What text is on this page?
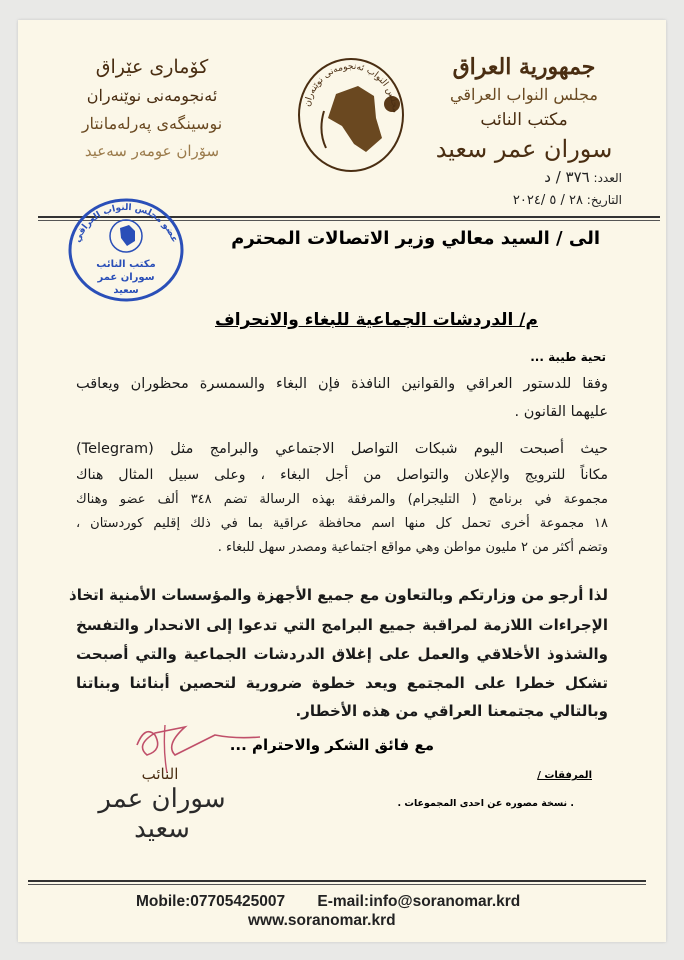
جمهورية العراق
مجلس النواب العراقي
مكتب النائب
سوران عمر سعيد
کۆماری عێراق
ئەنجومەنی نوێنەران
نوسینگەی پەرلەمانتار
سۆران عومەر سەعید
مجلس النواب ئەنجومەنی نوێنەران
العدد: ٣٧٦ / د
التاريخ: ٢٨ / ٥ /٢٠٢٤
عضو مجلس النواب العراقي
مكتب النائب
سوران عمر سعيد
الى / السيد معالي وزير الاتصالات المحترم
م/ الدردشات الجماعية للبغاء والانحراف
تحية طيبة ...
وفقا للدستور العراقي والقوانين النافذة فإن البغاء والسمسرة محظوران ويعاقب
عليهما القانون .
حيث أصبحت اليوم شبكات التواصل الاجتماعي والبرامج مثل (Telegram)
مكاناً للترويج والإعلان والتواصل من أجل البغاء ، وعلى سبيل المثال هناك
مجموعة في برنامج ( التليجرام) والمرفقة بهذه الرسالة تضم ٣٤٨ ألف عضو وهناك
١٨ مجموعة أخرى تحمل كل منها اسم محافظة عراقية بما في ذلك إقليم كوردستان ،
وتضم أكثر من ٢ مليون مواطن وهي مواقع اجتماعية ومصدر سهل للبغاء .
لذا أرجو من وزارتكم وبالتعاون مع جميع الأجهزة والمؤسسات الأمنية اتخاذ
الإجراءات اللازمة لمراقبة جميع البرامج التي تدعوا إلى الانحدار والتفسخ
والشذوذ الأخلاقي والعمل على إغلاق الدردشات الجماعية والتي أصبحت
تشكل خطرا على المجتمع ويعد خطوة ضرورية لتحصين أبنائنا وبناتنا
وبالتالي مجتمعنا العراقي من هذه الأخطار.
مع فائق الشكر والاحترام ...
النائب
سوران عمر سعيد
المرفقات /
. نسخة مصوره عن احدى المجموعات .
Mobile:07705425007 E-mail:info@soranomar.krd
www.soranomar.krd
